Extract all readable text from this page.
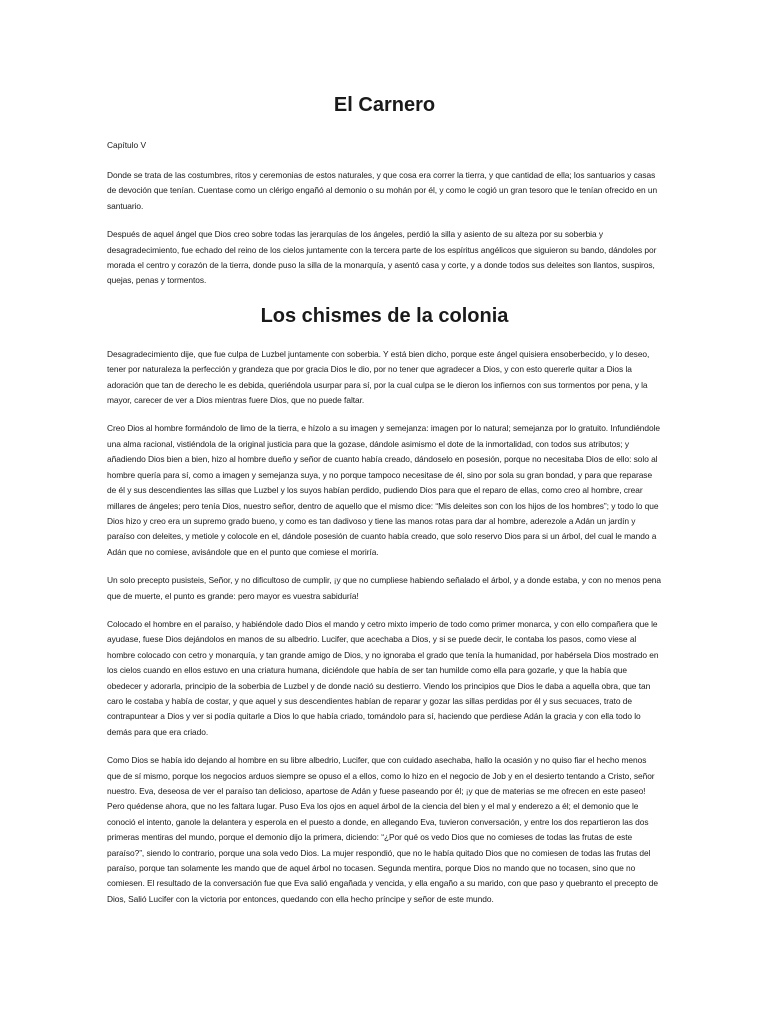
El Carnero
Capítulo V

Donde se trata de las costumbres, ritos y ceremonias de estos naturales, y que cosa era correr la tierra, y que cantidad de ella; los santuarios y casas de devoción que tenían. Cuentase como un clérigo engañó al demonio o su mohán por él, y como le cogió un gran tesoro que le tenían ofrecido en un santuario.

Después de aquel ángel que Dios creo sobre todas las jerarquías de los ángeles, perdió la silla y asiento de su alteza por su soberbia y desagradecimiento, fue echado del reino de los cielos juntamente con la tercera parte de los espíritus angélicos que siguieron su bando, dándoles por morada el centro y corazón de la tierra, donde puso la silla de la monarquía, y asentó casa y corte, y a donde todos sus deleites son llantos, suspiros, quejas, penas y tormentos.

Los chismes de la colonia

Desagradecimiento dije, que fue culpa de Luzbel juntamente con soberbia. Y está bien dicho, porque este ángel quisiera ensoberbecido, y lo deseo, tener por naturaleza la perfección y grandeza que por gracia Dios le dio, por no tener que agradecer a Dios, y con esto quererle quitar a Dios la adoración que tan de derecho le es debida, queriéndola usurpar para sí, por la cual culpa se le dieron los infiernos con sus tormentos por pena, y la mayor, carecer de ver a Dios mientras fuere Dios, que no puede faltar.

Creo Dios al hombre formándolo de limo de la tierra, e hízolo a su imagen y semejanza: imagen por lo natural; semejanza por lo gratuito. Infundiéndole una alma racional, vistiéndola de la original justicia para que la gozase, dándole asimismo el dote de la inmortalidad, con todos sus atributos; y añadiendo Dios bien a bien, hizo al hombre dueño y señor de cuanto había creado, dándoselo en posesión, porque no necesitaba Dios de ello: solo al hombre quería para sí, como a imagen y semejanza suya, y no porque tampoco necesitase de él, sino por sola su gran bondad, y para que reparase de él y sus descendientes las sillas que Luzbel y los suyos habían perdido, pudiendo Dios para que el reparo de ellas, como creo al hombre, crear millares de ángeles; pero tenía Dios, nuestro señor, dentro de aquello que el mismo dice: “Mis deleites son con los hijos de los hombres”; y todo lo que Dios hizo y creo era un supremo grado bueno, y como es tan dadivoso y tiene las manos rotas para dar al hombre, aderezole a Adán un jardín y paraíso con deleites, y metiole y colocole en el, dándole posesión de cuanto había creado, que solo reservo Dios para si un árbol, del cual le mando a Adán que no comiese, avisándole que en el punto que comiese el moriría.

Un solo precepto pusisteis, Señor, y no dificultoso de cumplir, ¡y que no cumpliese habiendo señalado el árbol, y a donde estaba, y con no menos pena que de muerte, el punto es grande: pero mayor es vuestra sabiduría!

Colocado el hombre en el paraíso, y habiéndole dado Dios el mando y cetro mixto imperio de todo como primer monarca, y con ello compañera que le ayudase, fuese Dios dejándolos en manos de su albedrio. Lucifer, que acechaba a Dios, y si se puede decir, le contaba los pasos, como viese al hombre colocado con cetro y monarquía, y tan grande amigo de Dios, y no ignoraba el grado que tenía la humanidad, por habérsela Dios mostrado en los cielos cuando en ellos estuvo en una criatura humana, diciéndole que había de ser tan humilde como ella para gozarle, y que la había que obedecer y adorarla, principio de la soberbia de Luzbel y de donde nació su destierro. Viendo los principios que Dios le daba a aquella obra, que tan caro le costaba y había de costar, y que aquel y sus descendientes habían de reparar y gozar las sillas perdidas por él y sus secuaces, trato de contrapuntear a Dios y ver si podía quitarle a Dios lo que había criado, tomándolo para sí, haciendo que perdiese Adán la gracia y con ella todo lo demás para que era criado.

Como Dios se había ido dejando al hombre en su libre albedrio, Lucifer, que con cuidado asechaba, hallo la ocasión y no quiso fiar el hecho menos que de sí mismo, porque los negocios arduos siempre se opuso el a ellos, como lo hizo en el negocio de Job y en el desierto tentando a Cristo, señor nuestro. Eva, deseosa de ver el paraíso tan delicioso, apartose de Adán y fuese paseando por él; ¡y que de materias se me ofrecen en este paseo! Pero quédense ahora, que no les faltara lugar. Puso Eva los ojos en aquel árbol de la ciencia del bien y el mal y enderezo a él; el demonio que le conoció el intento, ganole la delantera y esperola en el puesto a donde, en allegando Eva, tuvieron conversación, y entre los dos repartieron las dos primeras mentiras del mundo, porque el demonio dijo la primera, diciendo: “¿Por qué os vedo Dios que no comieses de todas las frutas de este paraíso?”, siendo lo contrario, porque una sola vedo Dios. La mujer respondió, que no le había quitado Dios que no comiesen de todas las frutas del paraíso, porque tan solamente les mando que de aquel árbol no tocasen. Segunda mentira, porque Dios no mando que no tocasen, sino que no comiesen. El resultado de la conversación fue que Eva salió engañada y vencida, y ella engaño a su marido, con que paso y quebranto el precepto de Dios, Salió Lucifer con la victoria por entonces, quedando con ella hecho príncipe y señor de este mundo.
